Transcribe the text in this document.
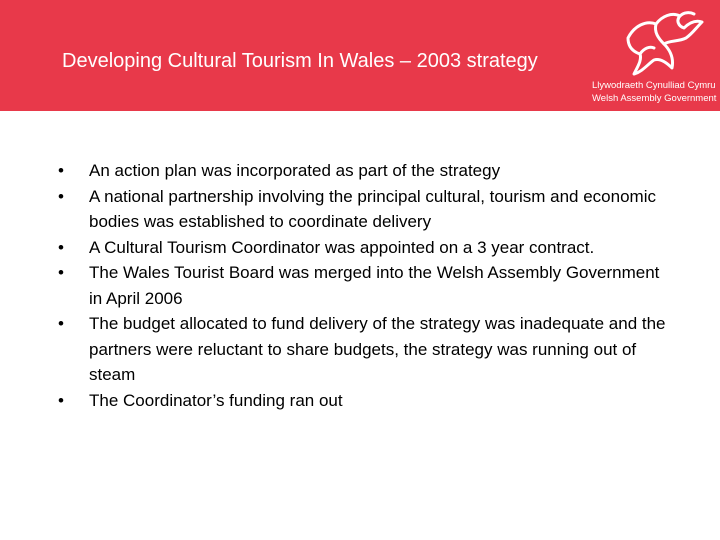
Developing Cultural Tourism In Wales – 2003 strategy
Llywodraeth Cynulliad Cymru
Welsh Assembly Government
•	An action plan was incorporated as part of the strategy
•	A national partnership involving the principal cultural, tourism and economic bodies was established to coordinate delivery
•	A Cultural Tourism Coordinator was appointed on a 3 year contract.
•	The Wales Tourist Board was merged into the Welsh Assembly Government in April 2006
•	The budget allocated to fund delivery of the strategy was inadequate and the partners were reluctant to share budgets, the strategy was running out of steam
•	The Coordinator’s funding ran out
